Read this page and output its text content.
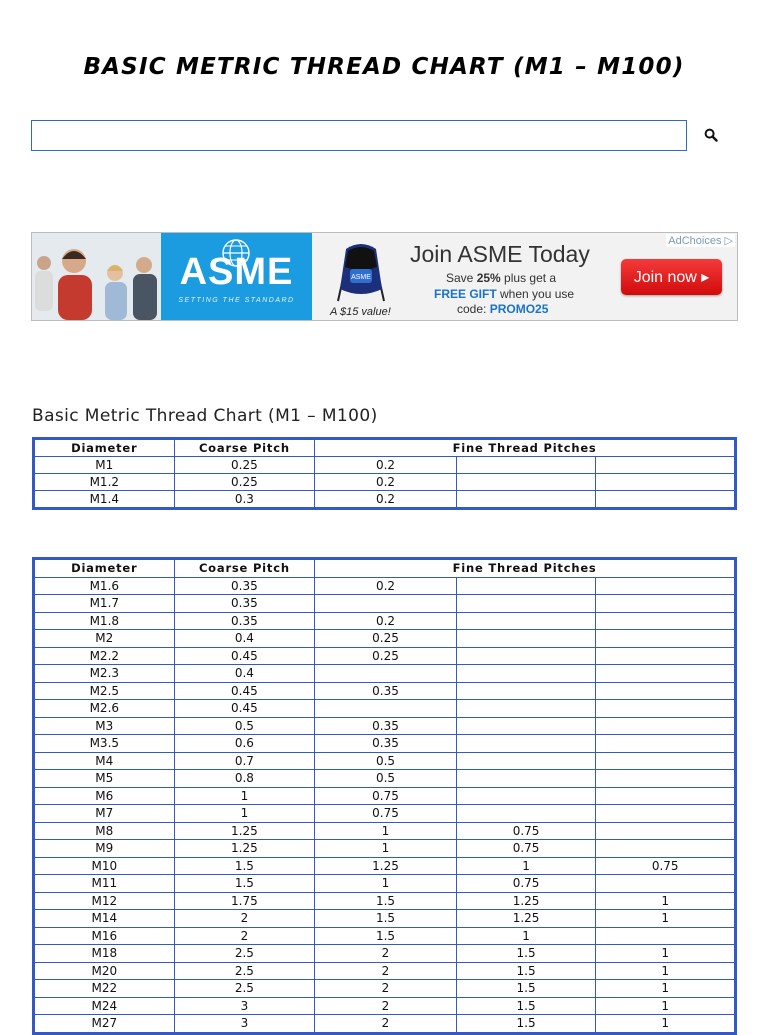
BASIC METRIC THREAD CHART (M1 – M100)
ASME
SETTING THE STANDARD
ASME
A $15 value!
Join ASME Today
Save 25% plus get a
FREE GIFT when you use
code: PROMO25
AdChoices ▷
Join now ▸
Basic Metric Thread Chart (M1 – M100)
Diameter	Coarse Pitch	Fine Thread Pitches		
M1	0.25	0.2		
M1.2	0.25	0.2		
M1.4	0.3	0.2		
Diameter	Coarse Pitch	Fine Thread Pitches		
M1.6	0.35	0.2		
M1.7	0.35			
M1.8	0.35	0.2		
M2	0.4	0.25		
M2.2	0.45	0.25		
M2.3	0.4			
M2.5	0.45	0.35		
M2.6	0.45			
M3	0.5	0.35		
M3.5	0.6	0.35		
M4	0.7	0.5		
M5	0.8	0.5		
M6	1	0.75		
M7	1	0.75		
M8	1.25	1	0.75	
M9	1.25	1	0.75	
M10	1.5	1.25	1	0.75
M11	1.5	1	0.75	
M12	1.75	1.5	1.25	1
M14	2	1.5	1.25	1
M16	2	1.5	1	
M18	2.5	2	1.5	1
M20	2.5	2	1.5	1
M22	2.5	2	1.5	1
M24	3	2	1.5	1
M27	3	2	1.5	1
